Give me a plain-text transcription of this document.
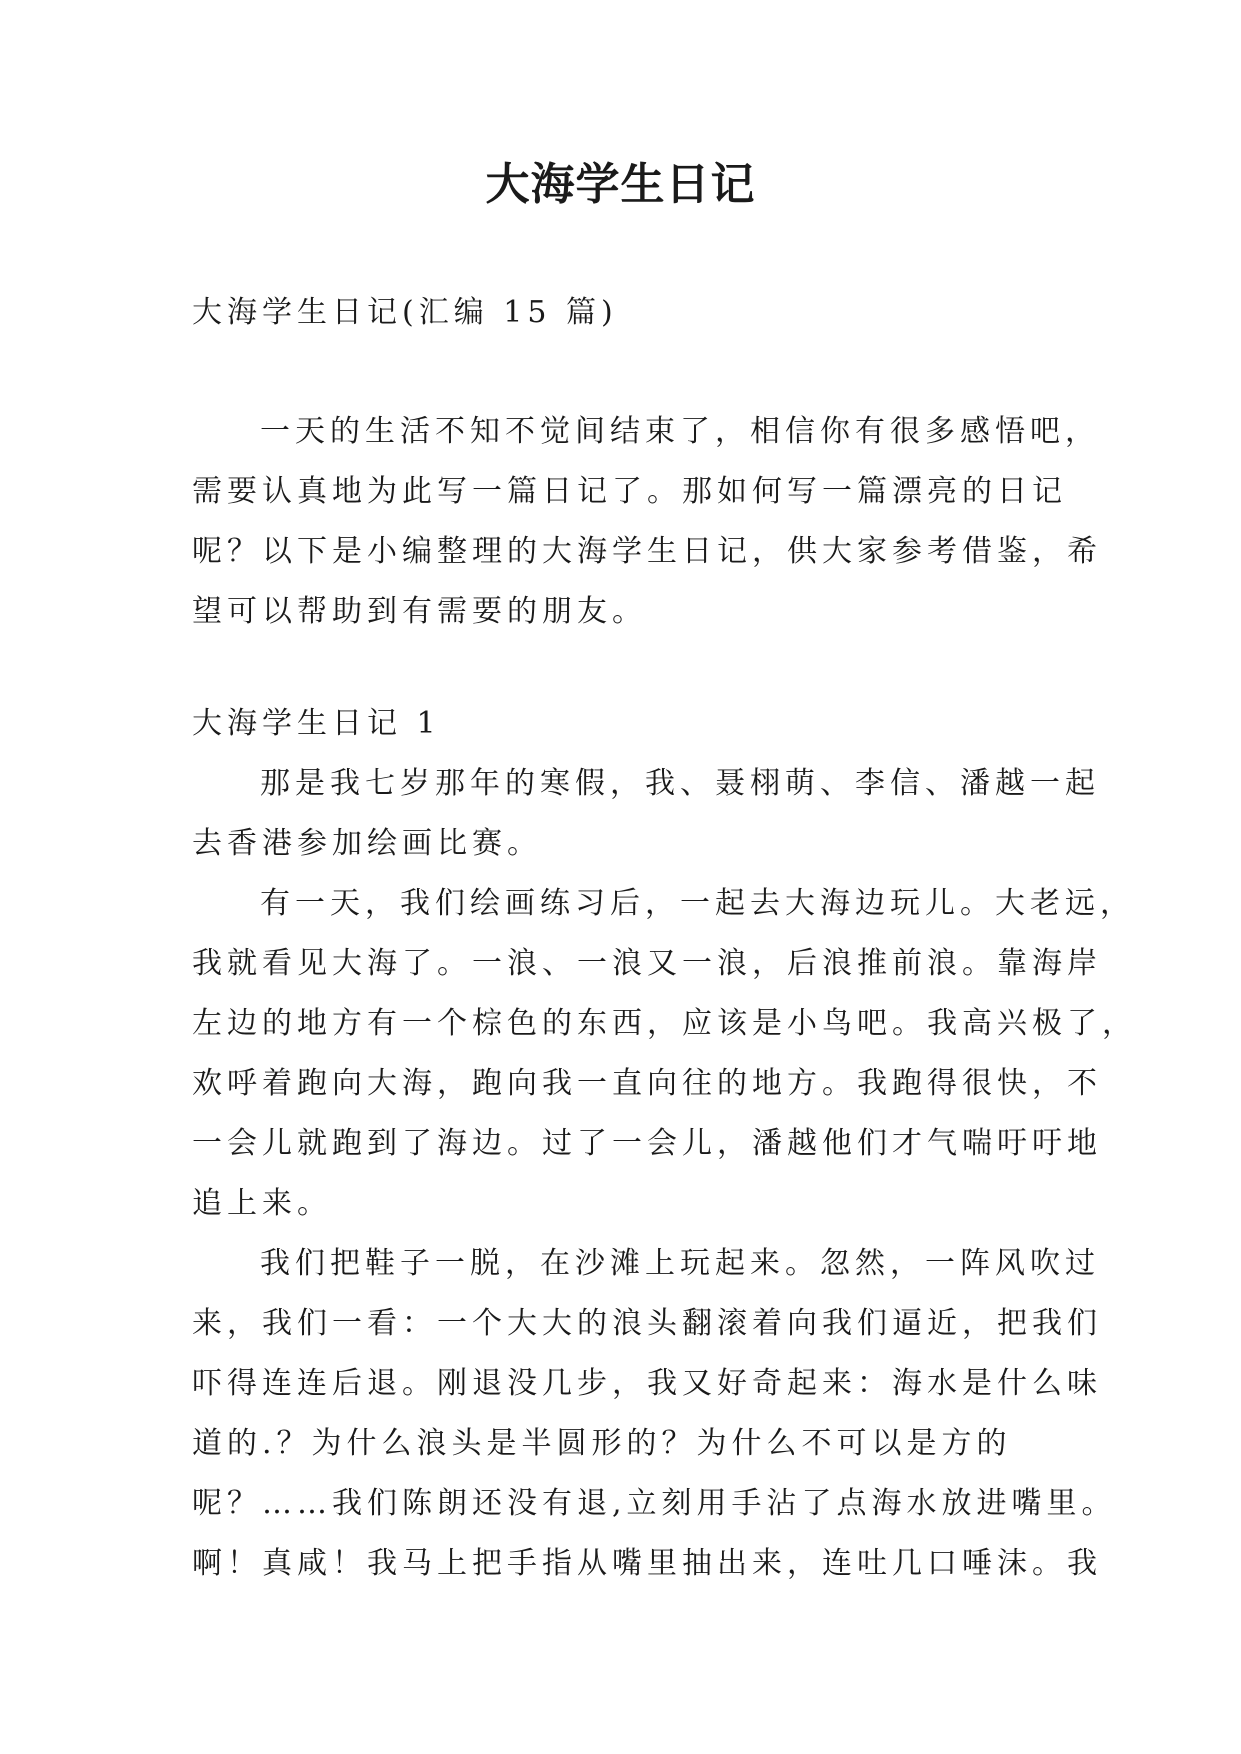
大海学生日记

大海学生日记(汇编 15 篇)

一天的生活不知不觉间结束了，相信你有很多感悟吧，
需要认真地为此写一篇日记了。那如何写一篇漂亮的日记
呢？以下是小编整理的大海学生日记，供大家参考借鉴，希
望可以帮助到有需要的朋友。

大海学生日记 1

那是我七岁那年的寒假，我、聂栩萌、李信、潘越一起
去香港参加绘画比赛。
有一天，我们绘画练习后，一起去大海边玩儿。大老远，
我就看见大海了。一浪、一浪又一浪，后浪推前浪。靠海岸
左边的地方有一个棕色的东西，应该是小鸟吧。我高兴极了，
欢呼着跑向大海，跑向我一直向往的地方。我跑得很快，不
一会儿就跑到了海边。过了一会儿，潘越他们才气喘吁吁地
追上来。
我们把鞋子一脱，在沙滩上玩起来。忽然，一阵风吹过
来，我们一看：一个大大的浪头翻滚着向我们逼近，把我们
吓得连连后退。刚退没几步，我又好奇起来：海水是什么味
道的.？为什么浪头是半圆形的？为什么不可以是方的
呢？……我们陈朗还没有退,立刻用手沾了点海水放进嘴里。
啊！真咸！我马上把手指从嘴里抽出来，连吐几口唾沫。我
